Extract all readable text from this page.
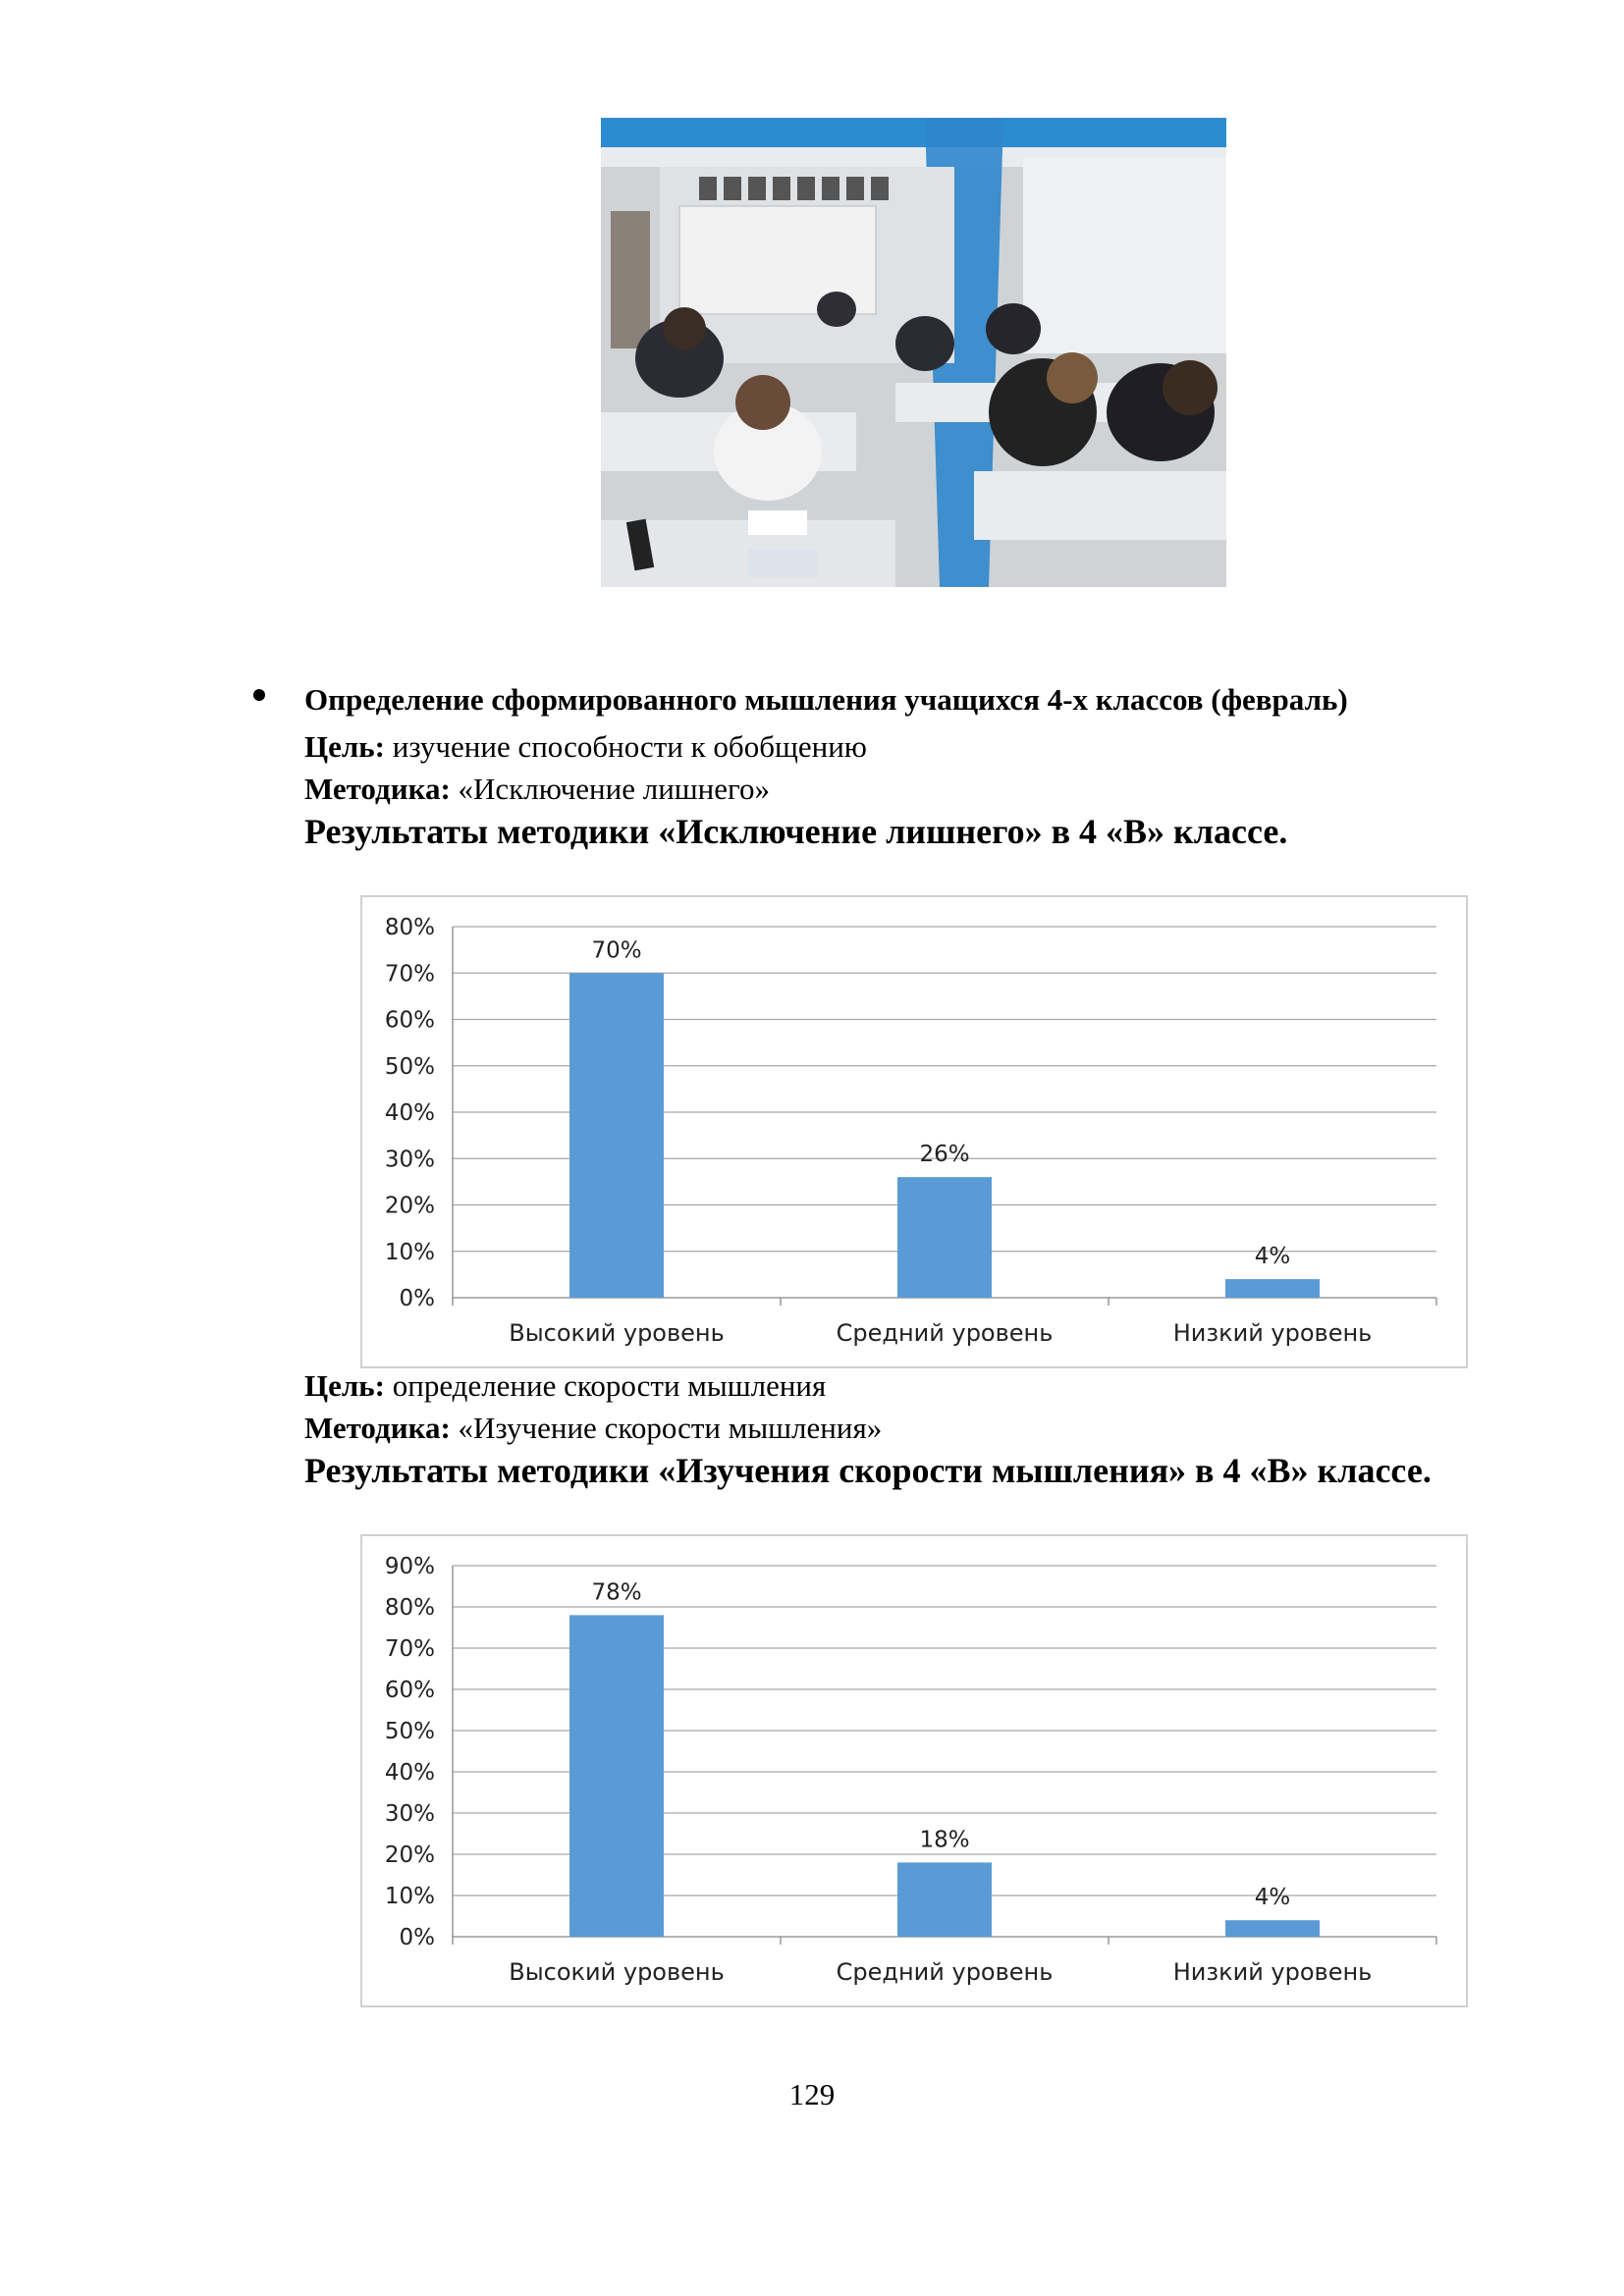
Определение сформированного мышления учащихся 4-х классов (февраль)
Цель: изучение способности к обобщению
Методика: «Исключение лишнего»
Результаты методики «Исключение лишнего» в 4 «В» классе.
0%
10%
20%
30%
40%
50%
60%
70%
80%
70%
Высокий уровень
26%
Средний уровень
4%
Низкий уровень
Цель: определение скорости мышления
Методика: «Изучение скорости мышления»
Результаты методики «Изучения скорости мышления» в 4 «В» классе.
0%
10%
20%
30%
40%
50%
60%
70%
80%
90%
78%
Высокий уровень
18%
Средний уровень
4%
Низкий уровень
129
